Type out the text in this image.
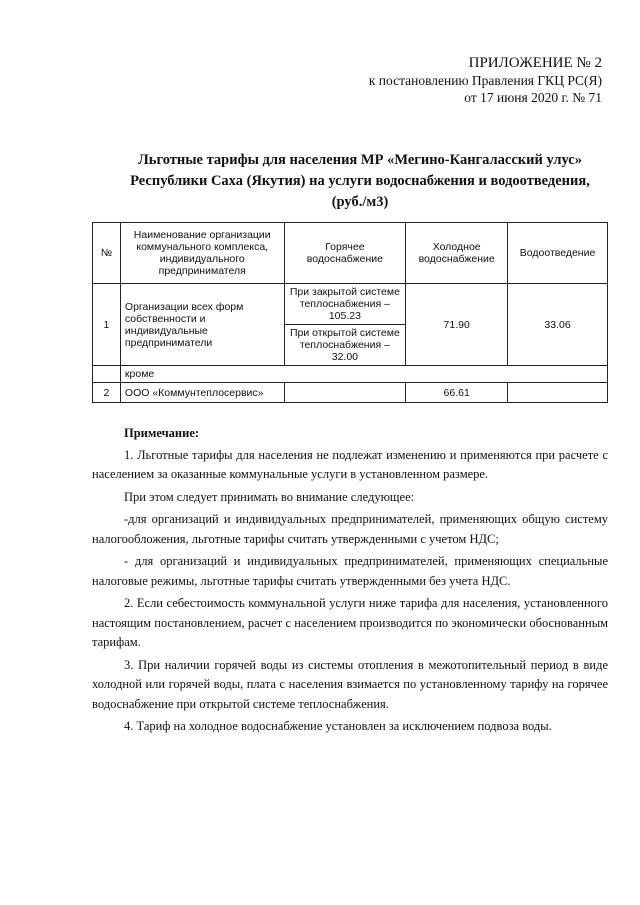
ПРИЛОЖЕНИЕ № 2
к постановлению Правления ГКЦ РС(Я)
от 17 июня 2020 г. № 71
Льготные тарифы для населения МР «Мегино-Кангаласский улус»
Республики Саха (Якутия) на услуги водоснабжения и водоотведения,
(руб./м3)
№	Наименование организации коммунального комплекса, индивидуального предпринимателя	Горячее водоснабжение	Холодное водоснабжение	Водоотведение
1	Организации всех форм собственности и индивидуальные предприниматели	При закрытой системе теплоснабжения – 105.23	71.90	33.06
		При открытой системе теплоснабжения – 32.00		
	кроме			
2	ООО «Коммунтеплосервис»		66.61	

Примечание:

1. Льготные тарифы для населения не подлежат изменению и применяются при расчете с населением за оказанные коммунальные услуги в установленном размере.

При этом следует принимать во внимание следующее:

-для организаций и индивидуальных предпринимателей, применяющих общую систему налогообложения, льготные тарифы считать утвержденными с учетом НДС;

- для организаций и индивидуальных предпринимателей, применяющих специальные налоговые режимы, льготные тарифы считать утвержденными без учета НДС.

2. Если себестоимость коммунальной услуги ниже тарифа для населения, установленного настоящим постановлением, расчет с населением производится по экономически обоснованным тарифам.

3. При наличии горячей воды из системы отопления в межотопительный период в виде холодной или горячей воды, плата с населения взимается по установленному тарифу на горячее водоснабжение при открытой системе теплоснабжения.

4. Тариф на холодное водоснабжение установлен за исключением подвоза воды.
